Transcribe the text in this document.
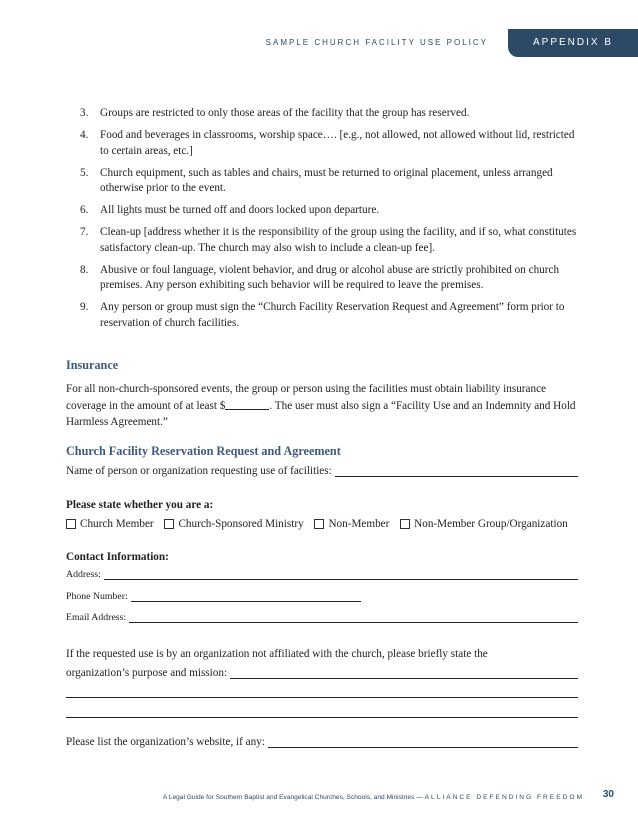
SAMPLE CHURCH FACILITY USE POLICY	APPENDIX B
3. Groups are restricted to only those areas of the facility that the group has reserved.
4. Food and beverages in classrooms, worship space…. [e.g., not allowed, not allowed without lid, restricted to certain areas, etc.]
5. Church equipment, such as tables and chairs, must be returned to original placement, unless arranged otherwise prior to the event.
6. All lights must be turned off and doors locked upon departure.
7. Clean-up [address whether it is the responsibility of the group using the facility, and if so, what constitutes satisfactory clean-up. The church may also wish to include a clean-up fee].
8. Abusive or foul language, violent behavior, and drug or alcohol abuse are strictly prohibited on church premises. Any person exhibiting such behavior will be required to leave the premises.
9. Any person or group must sign the “Church Facility Reservation Request and Agreement” form prior to reservation of church facilities.
Insurance
For all non-church-sponsored events, the group or person using the facilities must obtain liability insurance coverage in the amount of at least $	. The user must also sign a “Facility Use and an Indemnity and Hold Harmless Agreement.”
Church Facility Reservation Request and Agreement
Name of person or organization requesting use of facilities:
Please state whether you are a:
Church Member
Church-Sponsored Ministry
Non-Member
Non-Member Group/Organization
Contact Information:
Address:
Phone Number:
Email Address:
If the requested use is by an organization not affiliated with the church, please briefly state the
organization’s purpose and mission:
Please list the organization’s website, if any:
A Legal Guide for Southern Baptist and Evangelical Churches, Schools, and Ministries — ALLIANCE DEFENDING FREEDOM 30
